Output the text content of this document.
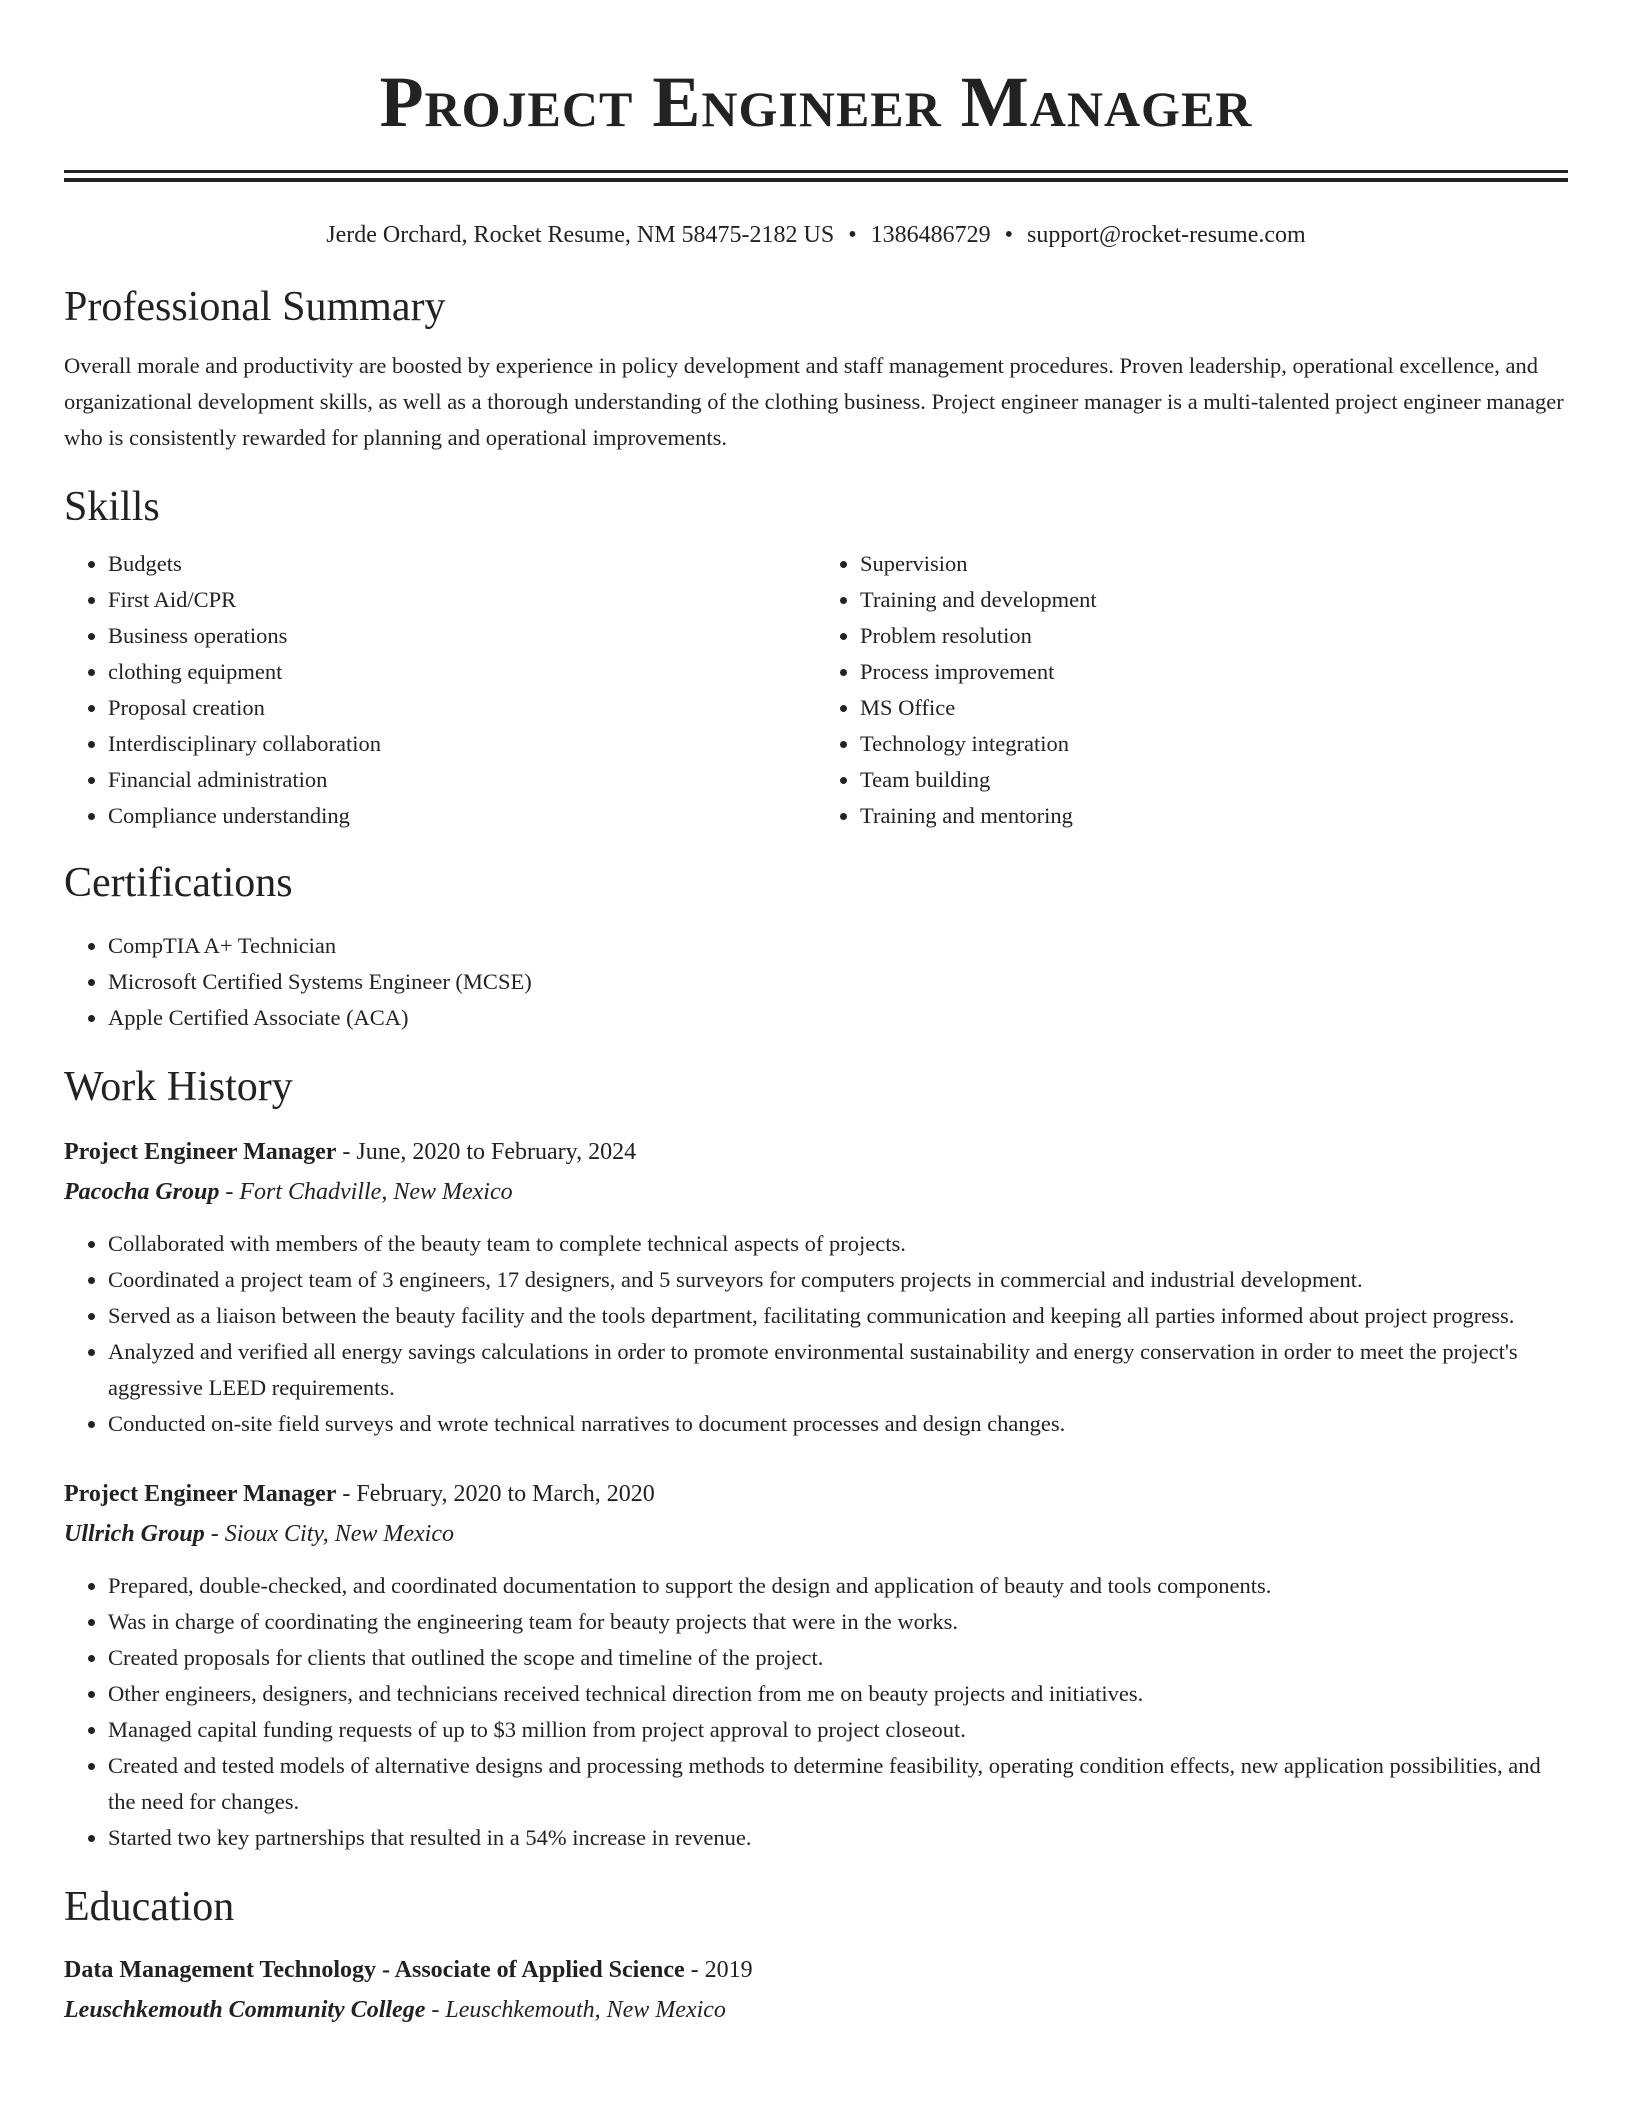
Project Engineer Manager
Jerde Orchard, Rocket Resume, NM 58475-2182 US • 1386486729 • support@rocket-resume.com
Professional Summary

Overall morale and productivity are boosted by experience in policy development and staff management procedures. Proven leadership, operational excellence, and organizational development skills, as well as a thorough understanding of the clothing business. Project engineer manager is a multi-talented project engineer manager who is consistently rewarded for planning and operational improvements.

Skills
• Budgets
• First Aid/CPR
• Business operations
• clothing equipment
• Proposal creation
• Interdisciplinary collaboration
• Financial administration
• Compliance understanding
• Supervision
• Training and development
• Problem resolution
• Process improvement
• MS Office
• Technology integration
• Team building
• Training and mentoring
Certifications
• CompTIA A+ Technician
• Microsoft Certified Systems Engineer (MCSE)
• Apple Certified Associate (ACA)
Work History
Project Engineer Manager - June, 2020 to February, 2024
Pacocha Group - Fort Chadville, New Mexico
• Collaborated with members of the beauty team to complete technical aspects of projects.
• Coordinated a project team of 3 engineers, 17 designers, and 5 surveyors for computers projects in commercial and industrial development.
• Served as a liaison between the beauty facility and the tools department, facilitating communication and keeping all parties informed about project progress.
• Analyzed and verified all energy savings calculations in order to promote environmental sustainability and energy conservation in order to meet the project's aggressive LEED requirements.
• Conducted on-site field surveys and wrote technical narratives to document processes and design changes.
Project Engineer Manager - February, 2020 to March, 2020
Ullrich Group - Sioux City, New Mexico
• Prepared, double-checked, and coordinated documentation to support the design and application of beauty and tools components.
• Was in charge of coordinating the engineering team for beauty projects that were in the works.
• Created proposals for clients that outlined the scope and timeline of the project.
• Other engineers, designers, and technicians received technical direction from me on beauty projects and initiatives.
• Managed capital funding requests of up to $3 million from project approval to project closeout.
• Created and tested models of alternative designs and processing methods to determine feasibility, operating condition effects, new application possibilities, and the need for changes.
• Started two key partnerships that resulted in a 54% increase in revenue.
Education
Data Management Technology - Associate of Applied Science - 2019
Leuschkemouth Community College - Leuschkemouth, New Mexico
